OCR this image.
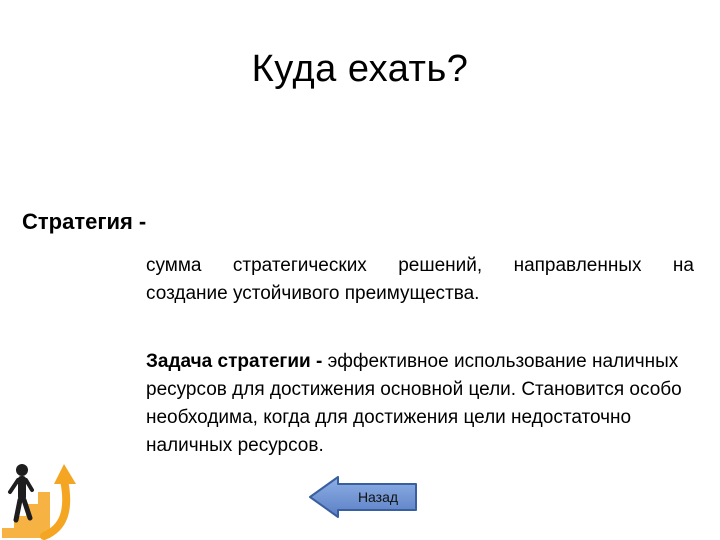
Куда ехать?
Стратегия -
сумма стратегических решений, направленных на
создание устойчивого преимущества.
Задача стратегии - эффективное использование наличных ресурсов для достижения основной цели. Становится особо необходима, когда для достижения цели недостаточно наличных ресурсов.
Назад
